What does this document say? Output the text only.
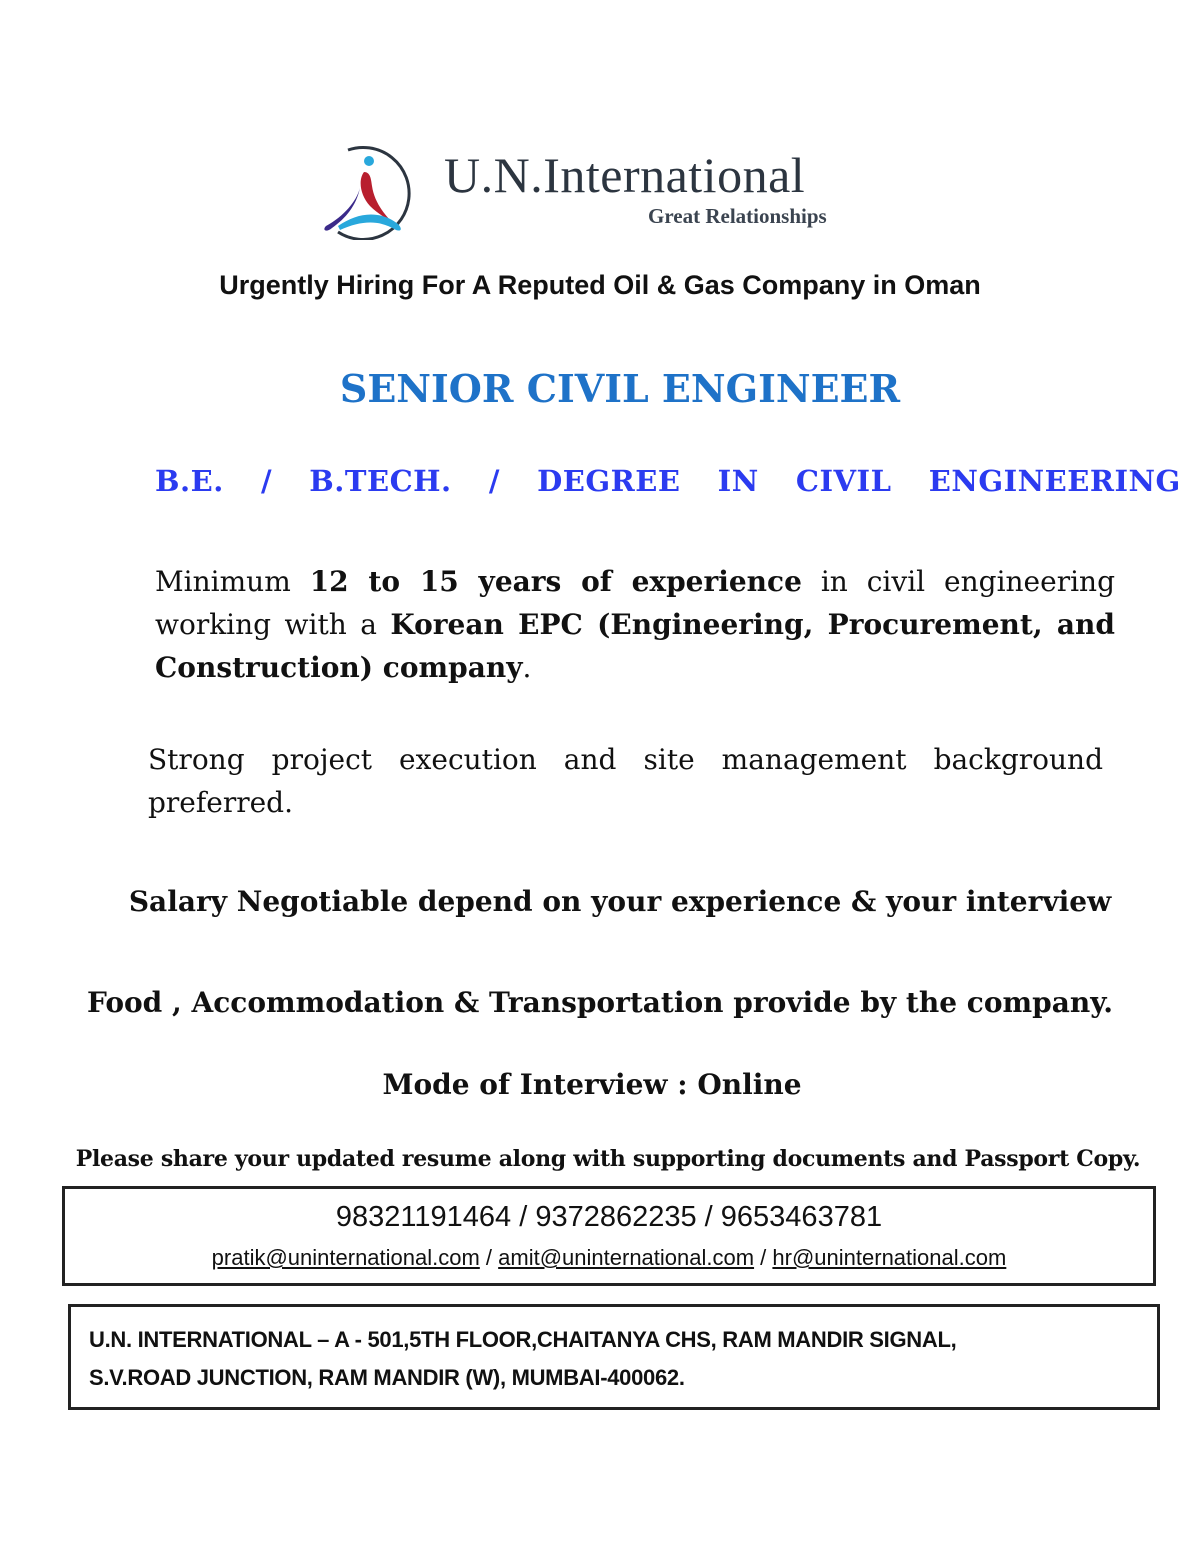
U.N.International
Great Relationships
Urgently Hiring For A Reputed Oil & Gas Company in Oman
SENIOR CIVIL ENGINEER
B.E.  /  B.TECH.  /  DEGREE  IN  CIVIL  ENGINEERING
Minimum 12 to 15 years of experience in civil engineering working with a Korean EPC (Engineering, Procurement, and Construction) company.
Strong project execution and site management background preferred.
Salary Negotiable depend on your experience & your interview
Food , Accommodation & Transportation provide by the company.
Mode of Interview : Online
Please share your updated resume along with supporting documents and Passport Copy.
98321191464 / 9372862235 / 9653463781
pratik@uninternational.com / amit@uninternational.com / hr@uninternational.com
U.N. INTERNATIONAL – A - 501,5TH FLOOR,CHAITANYA CHS, RAM MANDIR SIGNAL,
S.V.ROAD JUNCTION, RAM MANDIR (W), MUMBAI-400062.
